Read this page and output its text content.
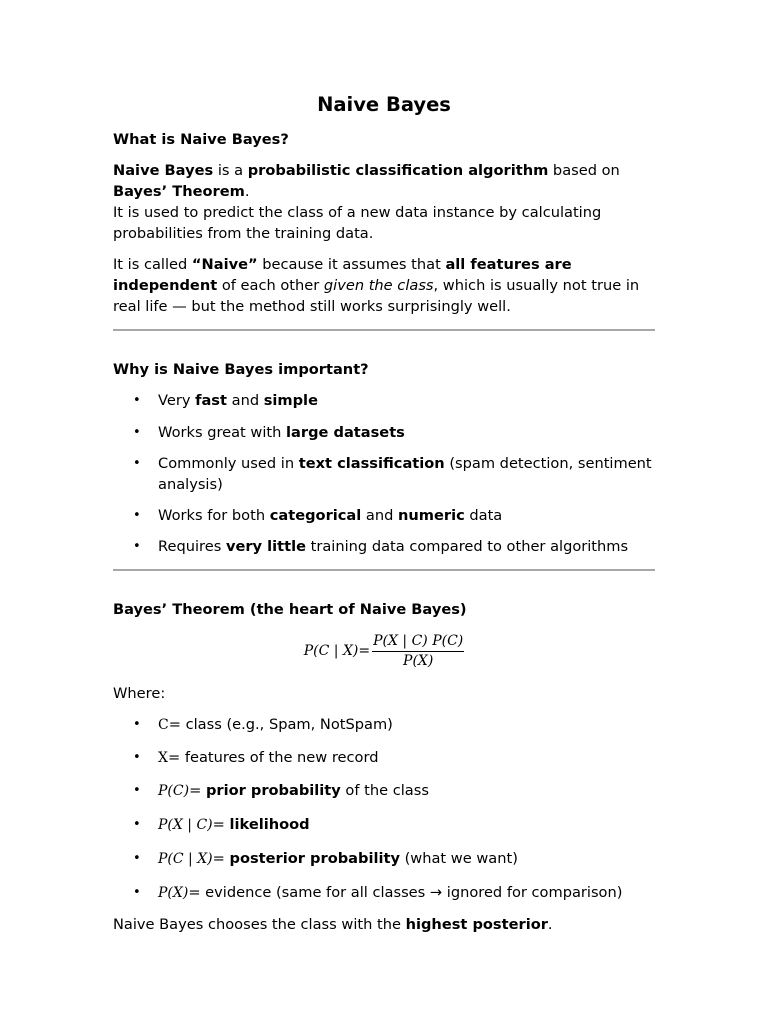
Naive Bayes
What is Naive Bayes?

Naive Bayes is a probabilistic classification algorithm based on Bayes’ Theorem.

It is used to predict the class of a new data instance by calculating probabilities from the training data.

It is called “Naive” because it assumes that all features are independent of each other given the class, which is usually not true in real life — but the method still works surprisingly well.

Why is Naive Bayes important?
• Very fast and simple
• Works great with large datasets
• Commonly used in text classification (spam detection, sentiment analysis)
• Works for both categorical and numeric data
• Requires very little training data compared to other algorithms
Bayes’ Theorem (the heart of Naive Bayes)
P(C | $X)= \frac{P(X | C) P(C)}{P(X)}$

Where:

• C= class (e.g., Spam, NotSpam)
• X= features of the new record
• P(C)= prior probability of the class
• P(X | C)= likelihood
• P(C | X)= posterior probability (what we want)
• P(X)= evidence (same for all classes → ignored for comparison)

Naive Bayes chooses the class with the highest posterior.
